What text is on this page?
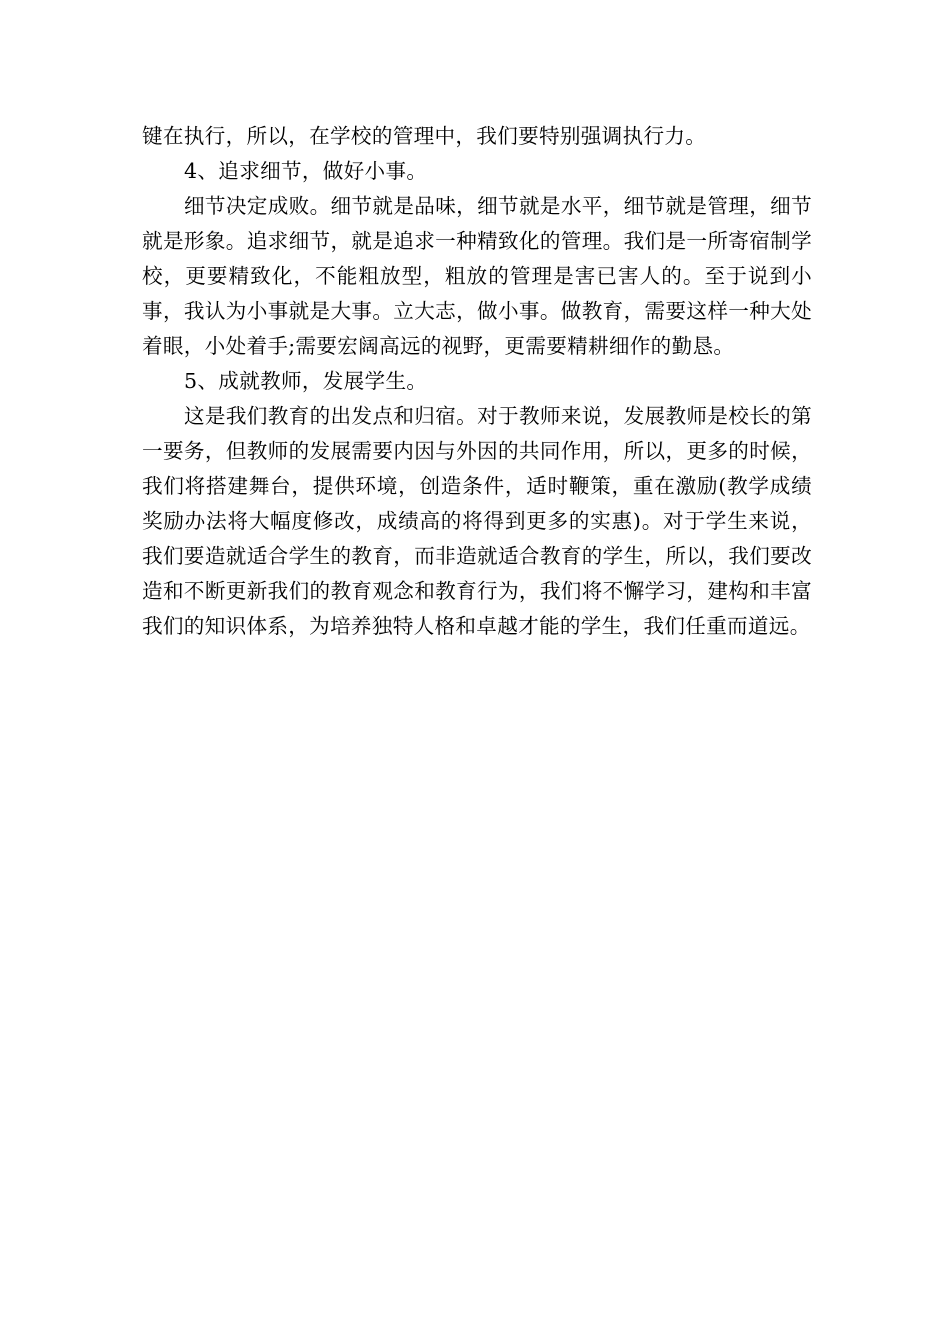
键在执行，所以，在学校的管理中，我们要特别强调执行力。

4、追求细节，做好小事。

细节决定成败。细节就是品味，细节就是水平，细节就是管理，细节就是形象。追求细节，就是追求一种精致化的管理。我们是一所寄宿制学校，更要精致化，不能粗放型，粗放的管理是害已害人的。至于说到小事，我认为小事就是大事。立大志，做小事。做教育，需要这样一种大处着眼，小处着手;需要宏阔高远的视野，更需要精耕细作的勤恳。

5、成就教师，发展学生。

这是我们教育的出发点和归宿。对于教师来说，发展教师是校长的第一要务，但教师的发展需要内因与外因的共同作用，所以，更多的时候，我们将搭建舞台，提供环境，创造条件，适时鞭策，重在激励(教学成绩奖励办法将大幅度修改，成绩高的将得到更多的实惠)。对于学生来说，我们要造就适合学生的教育，而非造就适合教育的学生，所以，我们要改造和不断更新我们的教育观念和教育行为，我们将不懈学习，建构和丰富我们的知识体系，为培养独特人格和卓越才能的学生，我们任重而道远。
